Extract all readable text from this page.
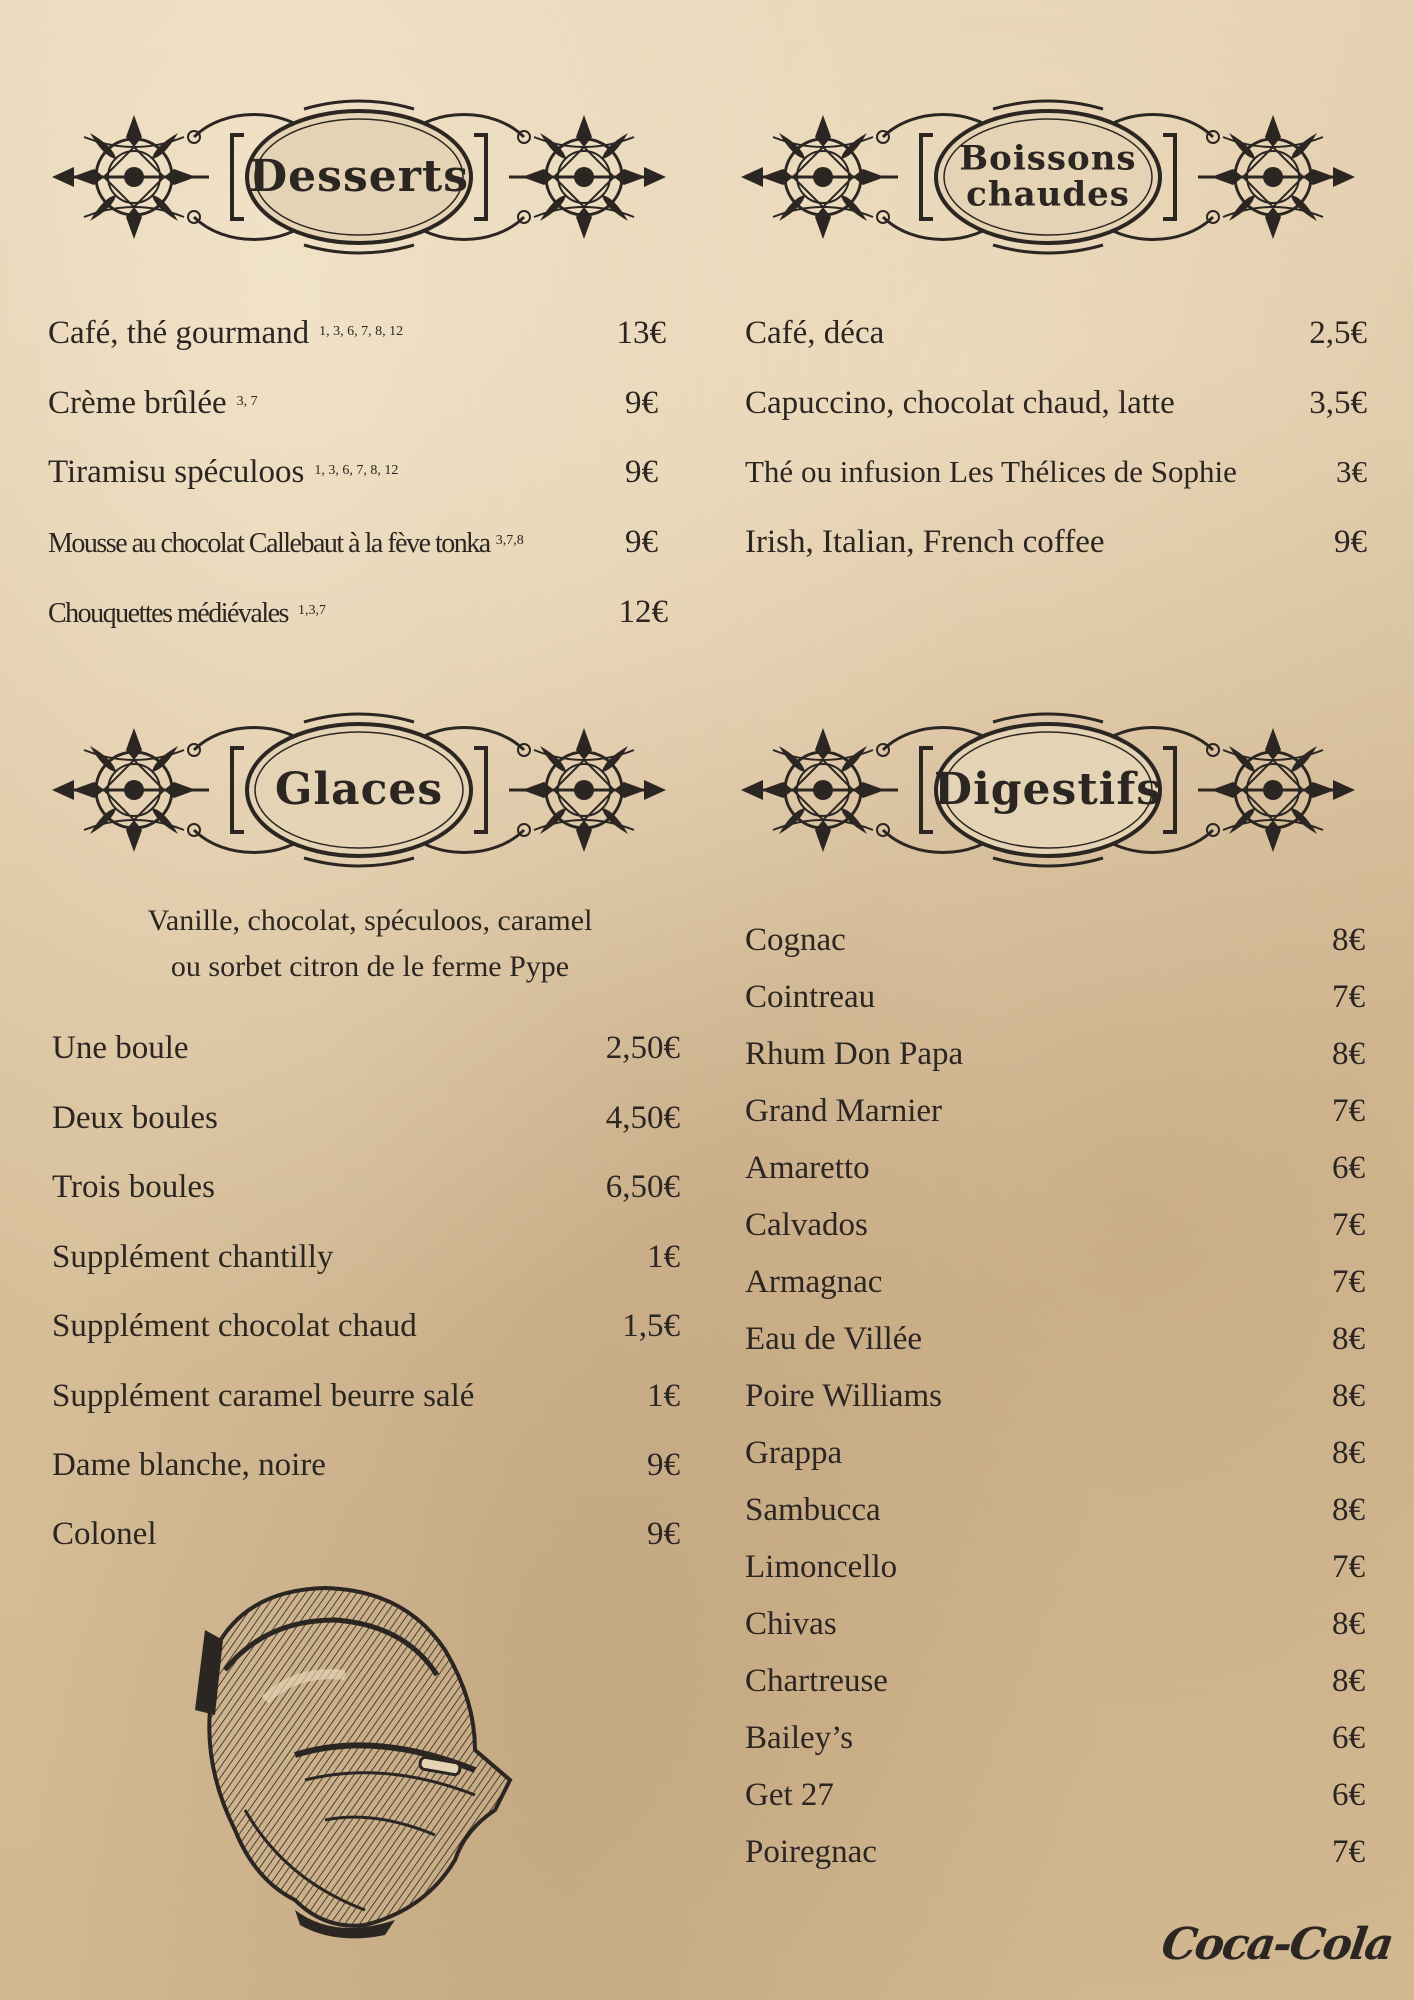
Desserts	Boissons
chaudes
Glaces	Digestifs
Café, thé gourmand $^{1, 3, 6, 7, 8, 12}$	13€
Crème brûlée $^{3, 7}$	9€
Tiramisu spéculoos $^{1, 3, 6, 7, 8, 12}$	9€
Mousse au chocolat Callebaut à la fève tonka $^{3,7,8}$	9€
Chouquettes médiévales $^{1,3,7}$	12€
Café, déca	2,5€
Capuccino, chocolat chaud, latte	3,5€
Thé ou infusion Les Thélices de Sophie	3€
Irish, Italian, French coffee	9€
Vanille, chocolat, spéculoos, caramel
ou sorbet citron de le ferme Pype
Une boule	2,50€
Deux boules	4,50€
Trois boules	6,50€
Supplément chantilly	1€
Supplément chocolat chaud	1,5€
Supplément caramel beurre salé	1€
Dame blanche, noire	9€
Colonel	9€
Cognac	8€
Cointreau	7€
Rhum Don Papa	8€
Grand Marnier	7€
Amaretto	6€
Calvados	7€
Armagnac	7€
Eau de Villée	8€
Poire Williams	8€
Grappa	8€
Sambucca	8€
Limoncello	7€
Chivas	8€
Chartreuse	8€
Bailey’s	6€
Get 27	6€
Poiregnac	7€
Coca-Cola
